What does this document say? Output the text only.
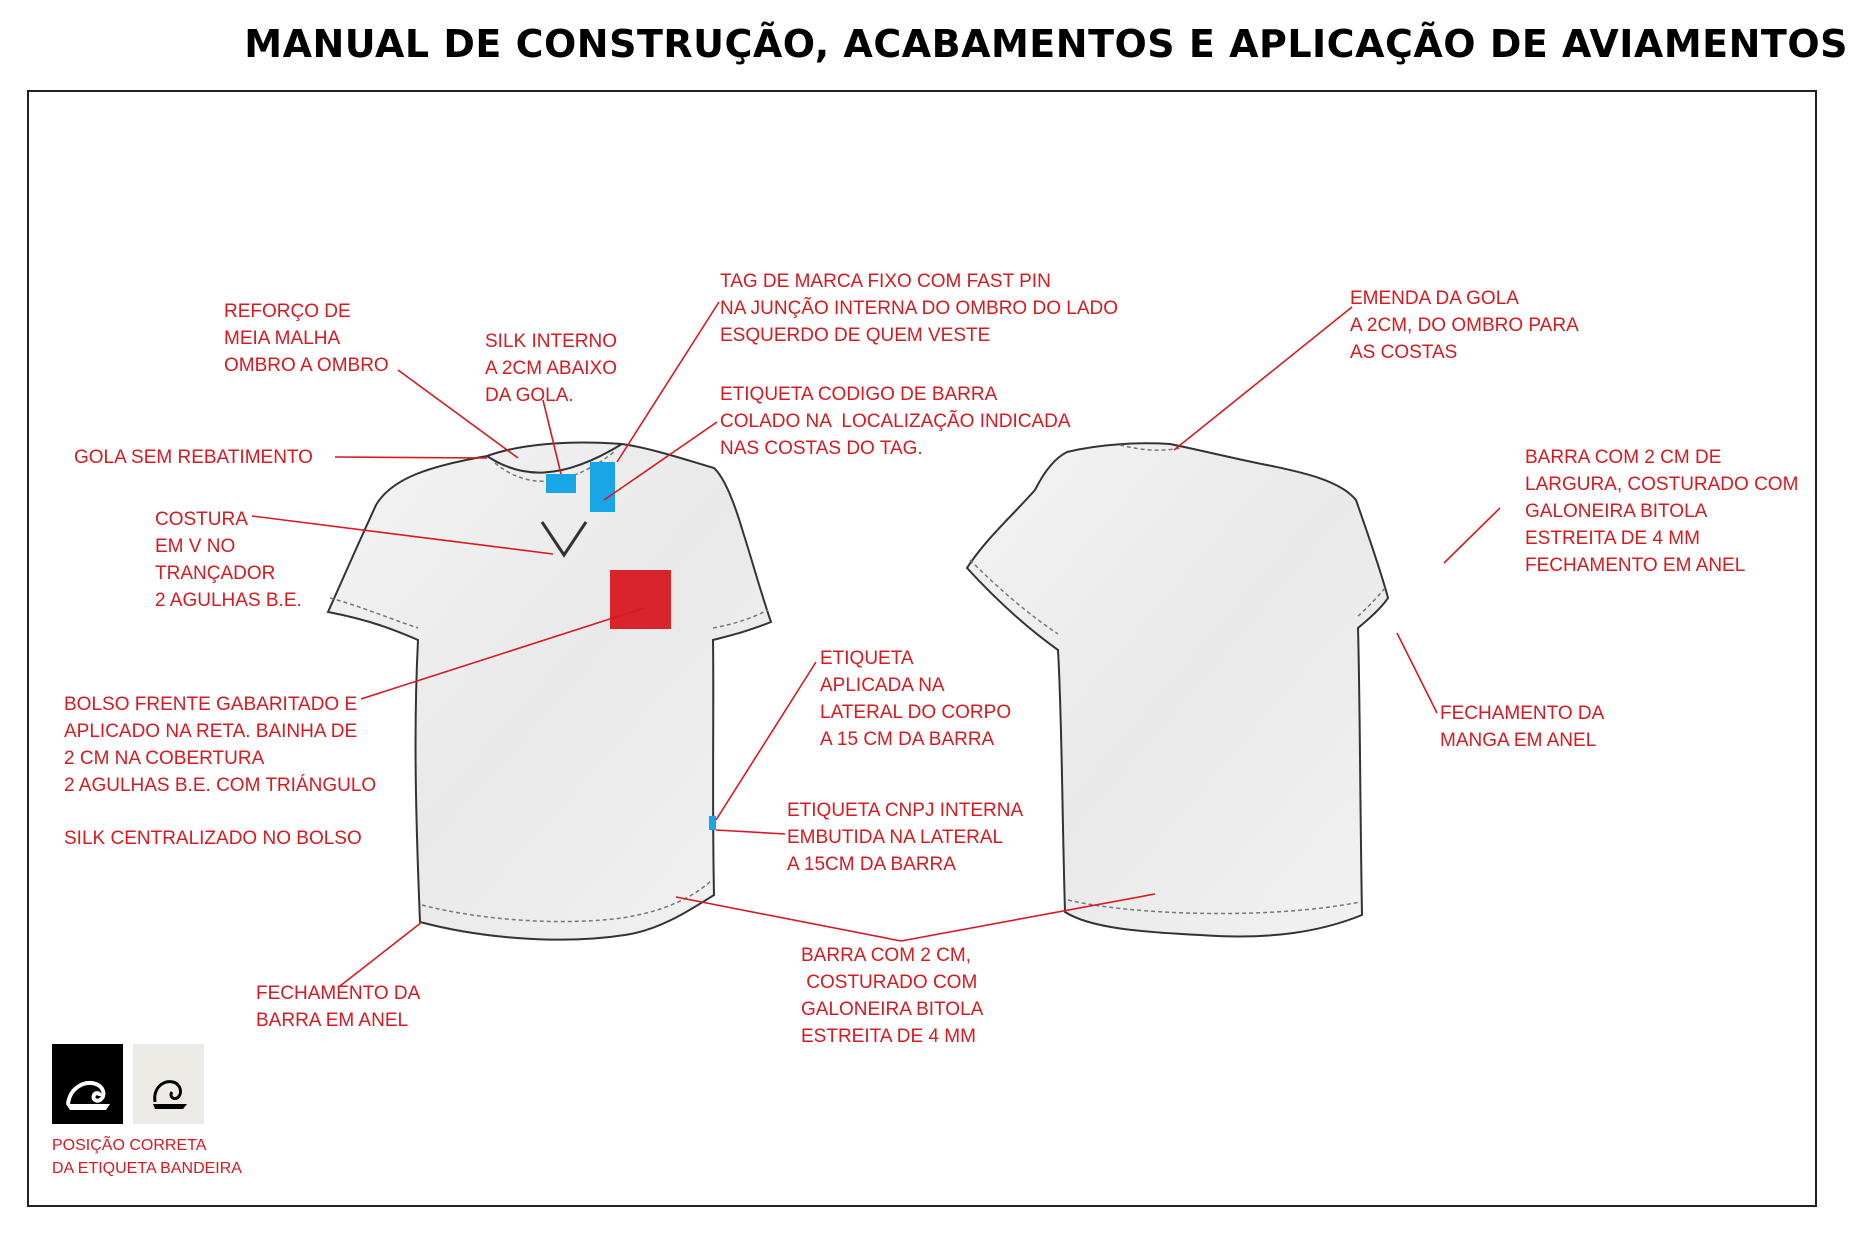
MANUAL DE CONSTRUÇÃO, ACABAMENTOS E APLICAÇÃO DE AVIAMENTOS
REFORÇO DE
MEIA MALHA
OMBRO A OMBRO
SILK INTERNO
A 2CM ABAIXO
DA GOLA.
TAG DE MARCA FIXO COM FAST PIN
NA JUNÇÃO INTERNA DO OMBRO DO LADO
ESQUERDO DE QUEM VESTE
ETIQUETA CODIGO DE BARRA
COLADO NA  LOCALIZAÇÃO INDICADA
NAS COSTAS DO TAG.
GOLA SEM REBATIMENTO
COSTURA
EM V NO
TRANÇADOR
2 AGULHAS B.E.
BOLSO FRENTE GABARITADO E
APLICADO NA RETA. BAINHA DE
2 CM NA COBERTURA
2 AGULHAS B.E. COM TRIÁNGULO
SILK CENTRALIZADO NO BOLSO
ETIQUETA
APLICADA NA
LATERAL DO CORPO
A 15 CM DA BARRA
ETIQUETA CNPJ INTERNA
EMBUTIDA NA LATERAL
A 15CM DA BARRA
FECHAMENTO DA
BARRA EM ANEL
BARRA COM 2 CM,
COSTURADO COM
GALONEIRA BITOLA
ESTREITA DE 4 MM
EMENDA DA GOLA
A 2CM, DO OMBRO PARA
AS COSTAS
BARRA COM 2 CM DE
LARGURA, COSTURADO COM
GALONEIRA BITOLA
ESTREITA DE 4 MM
FECHAMENTO EM ANEL
FECHAMENTO DA
MANGA EM ANEL
POSIÇÃO CORRETA
DA ETIQUETA BANDEIRA
